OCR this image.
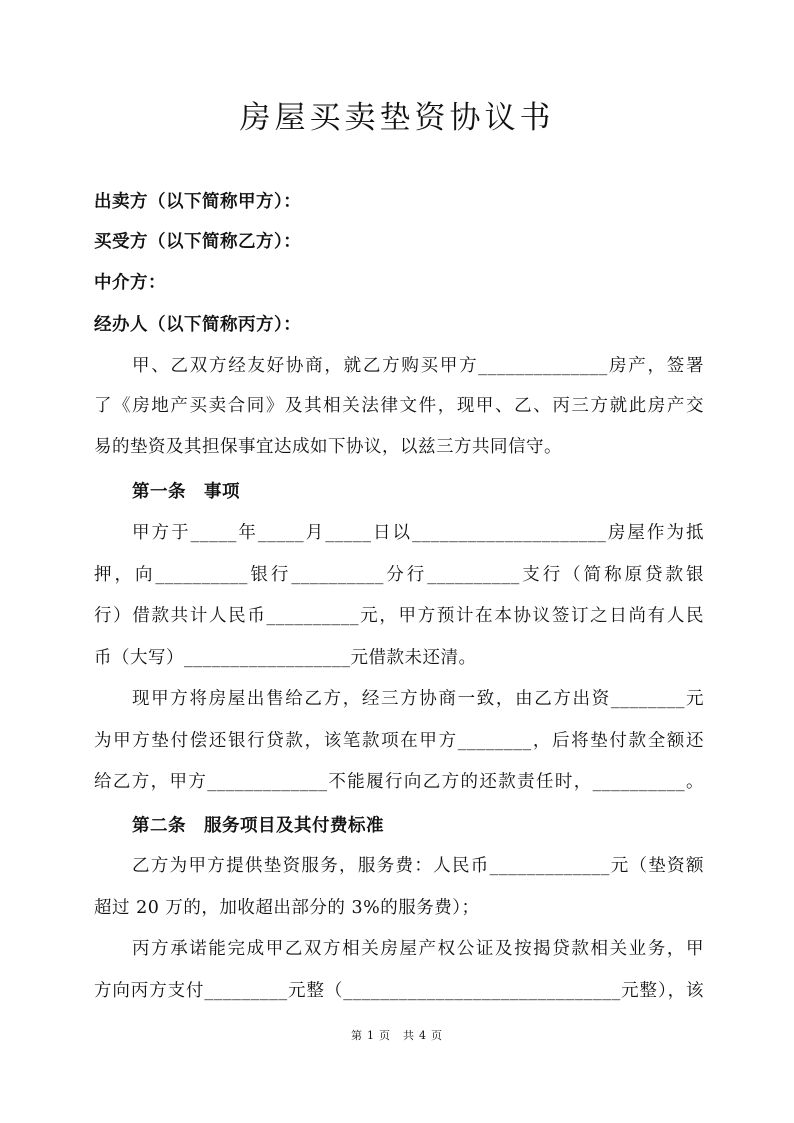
房屋买卖垫资协议书
出卖方（以下简称甲方）：
买受方（以下简称乙方）：
中介方：
经办人（以下简称丙方）：
甲、乙双方经友好协商，就乙方购买甲方______________房产，签署
了《房地产买卖合同》及其相关法律文件，现甲、乙、丙三方就此房产交
易的垫资及其担保事宜达成如下协议，以兹三方共同信守。
第一条　事项
甲方于_____年_____月_____日以_____________________房屋作为抵
押，向__________银行__________分行__________支行（简称原贷款银
行）借款共计人民币__________元，甲方预计在本协议签订之日尚有人民
币（大写）__________________元借款未还清。
现甲方将房屋出售给乙方，经三方协商一致，由乙方出资________元
为甲方垫付偿还银行贷款，该笔款项在甲方________，后将垫付款全额还
给乙方，甲方_____________不能履行向乙方的还款责任时，__________。
第二条　服务项目及其付费标准
乙方为甲方提供垫资服务，服务费：人民币_____________元（垫资额
超过 20 万的，加收超出部分的 3%的服务费）；
丙方承诺能完成甲乙双方相关房屋产权公证及按揭贷款相关业务，甲
方向丙方支付_________元整（______________________________元整），该
第 1 页　共 4 页
